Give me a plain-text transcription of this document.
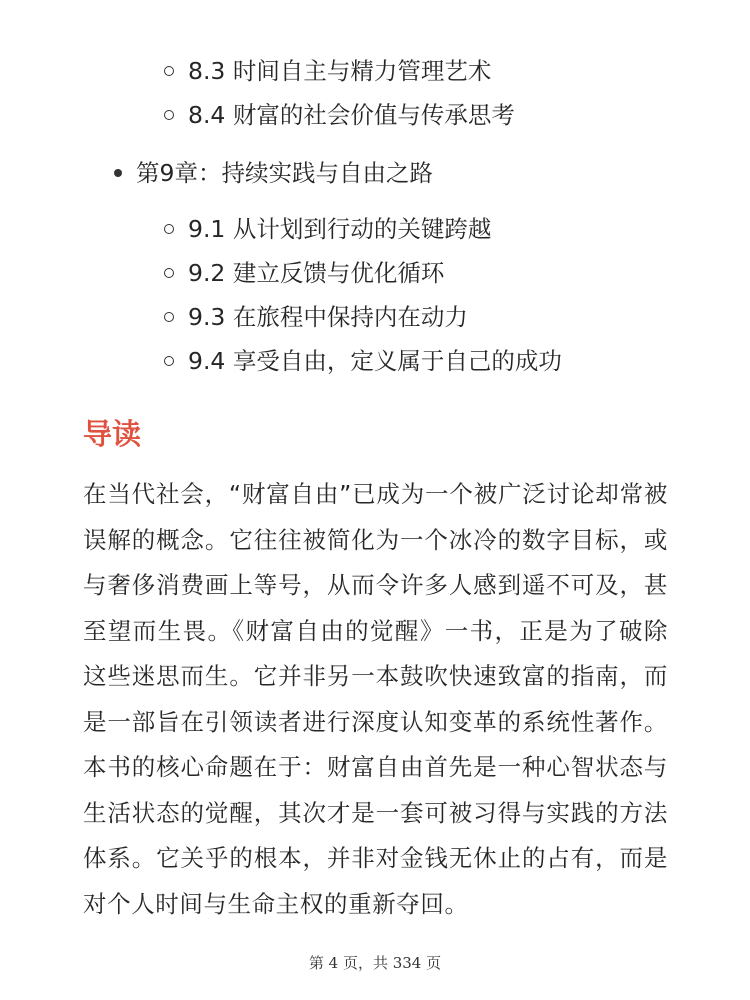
8.3 时间自主与精力管理艺术
8.4 财富的社会价值与传承思考
第9章：持续实践与自由之路
9.1 从计划到行动的关键跨越
9.2 建立反馈与优化循环
9.3 在旅程中保持内在动力
9.4 享受自由，定义属于自己的成功
导读

在当代社会，“财富自由”已成为一个被广泛讨论却常被误解的概念。它往往被简化为一个冰冷的数字目标，或与奢侈消费画上等号，从而令许多人感到遥不可及，甚至望而生畏。《财富自由的觉醒》一书，正是为了破除这些迷思而生。它并非另一本鼓吹快速致富的指南，而是一部旨在引领读者进行深度认知变革的系统性著作。本书的核心命题在于：财富自由首先是一种心智状态与生活状态的觉醒，其次才是一套可被习得与实践的方法体系。它关乎的根本，并非对金钱无休止的占有，而是对个人时间与生命主权的重新夺回。

第 4 页，共 334 页
